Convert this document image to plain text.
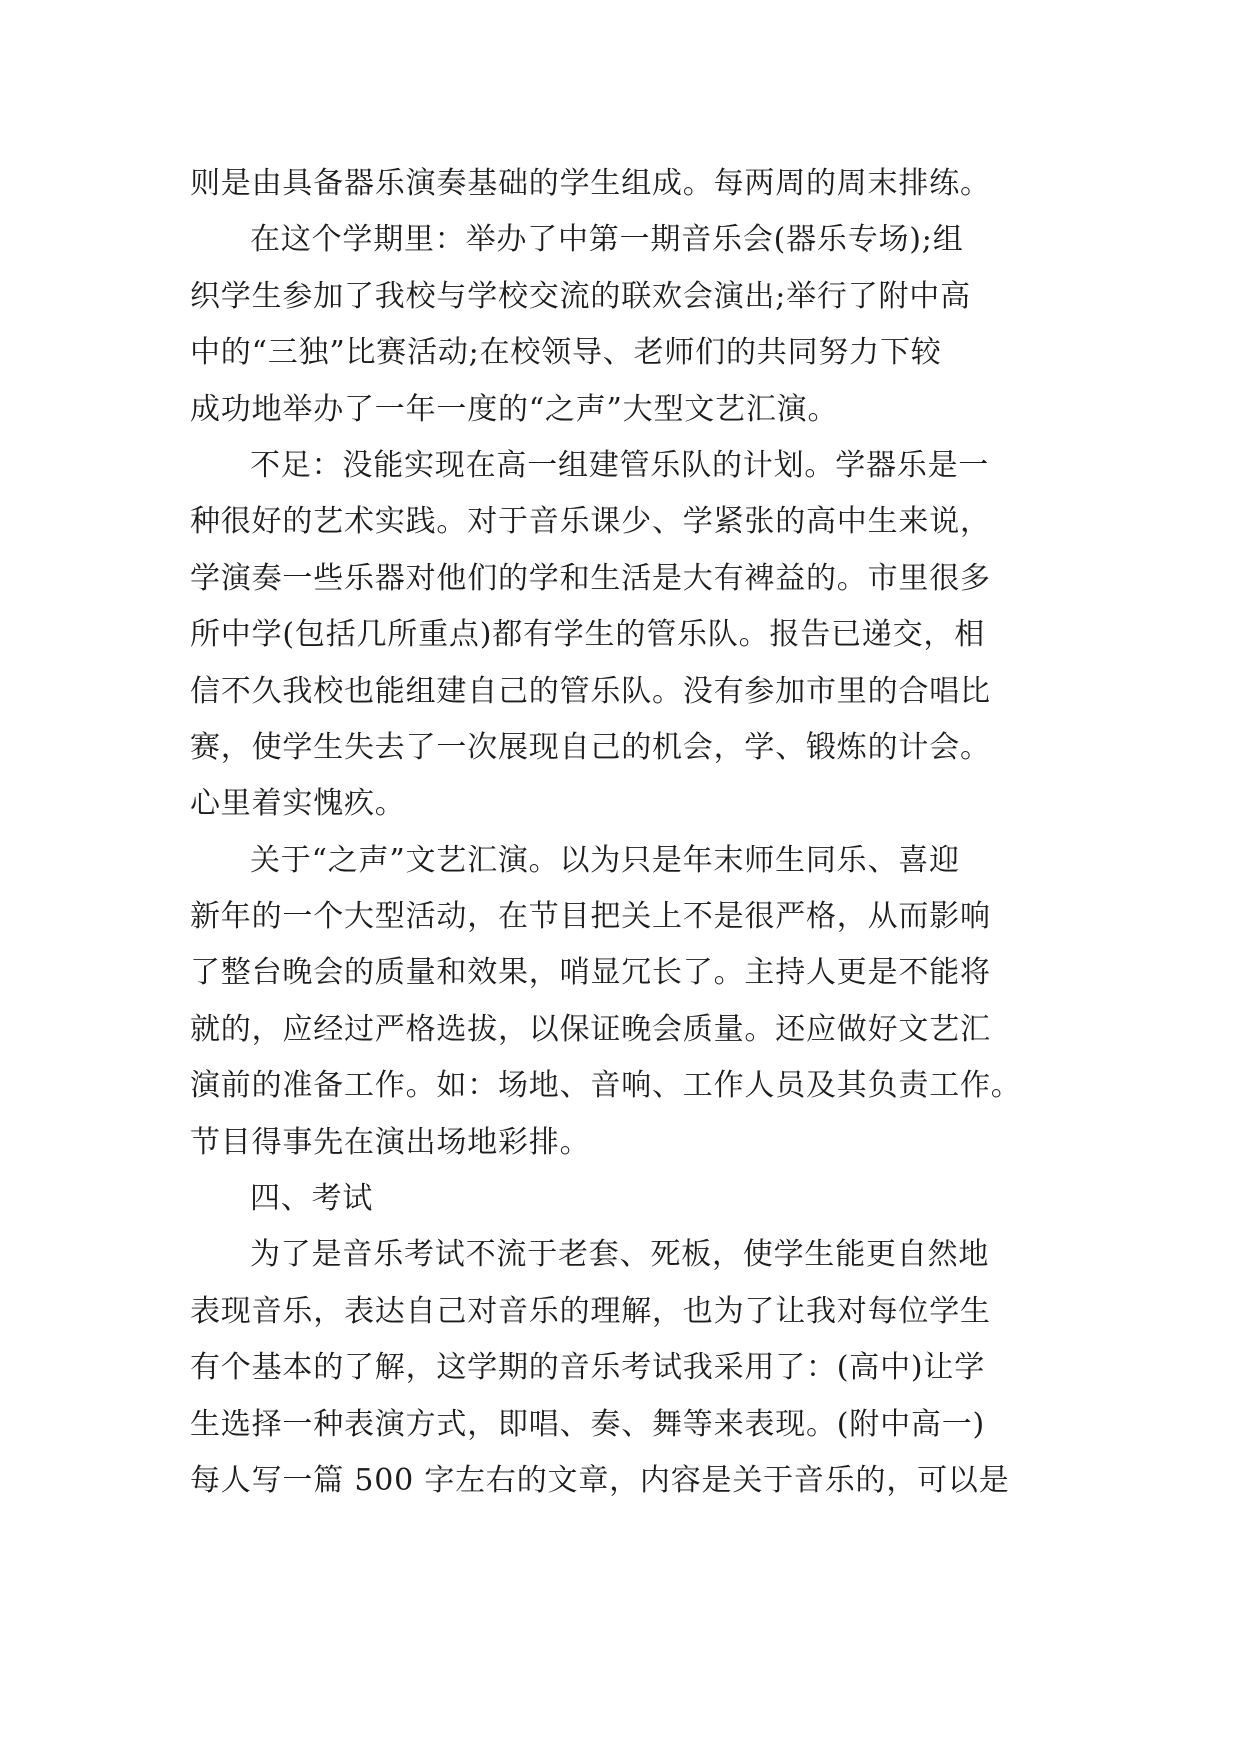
则是由具备器乐演奏基础的学生组成。每两周的周末排练。
在这个学期里：举办了中第一期音乐会(器乐专场);组
织学生参加了我校与学校交流的联欢会演出;举行了附中高
中的“三独”比赛活动;在校领导、老师们的共同努力下较
成功地举办了一年一度的“之声”大型文艺汇演。
不足：没能实现在高一组建管乐队的计划。学器乐是一
种很好的艺术实践。对于音乐课少、学紧张的高中生来说，
学演奏一些乐器对他们的学和生活是大有裨益的。市里很多
所中学(包括几所重点)都有学生的管乐队。报告已递交，相
信不久我校也能组建自己的管乐队。没有参加市里的合唱比
赛，使学生失去了一次展现自己的机会，学、锻炼的计会。
心里着实愧疚。
关于“之声”文艺汇演。以为只是年末师生同乐、喜迎
新年的一个大型活动，在节目把关上不是很严格，从而影响
了整台晚会的质量和效果，哨显冗长了。主持人更是不能将
就的，应经过严格选拔，以保证晚会质量。还应做好文艺汇
演前的准备工作。如：场地、音响、工作人员及其负责工作。
节目得事先在演出场地彩排。
四、考试
为了是音乐考试不流于老套、死板，使学生能更自然地
表现音乐，表达自己对音乐的理解，也为了让我对每位学生
有个基本的了解，这学期的音乐考试我采用了：(高中)让学
生选择一种表演方式，即唱、奏、舞等来表现。(附中高一)
每人写一篇 500 字左右的文章，内容是关于音乐的，可以是
